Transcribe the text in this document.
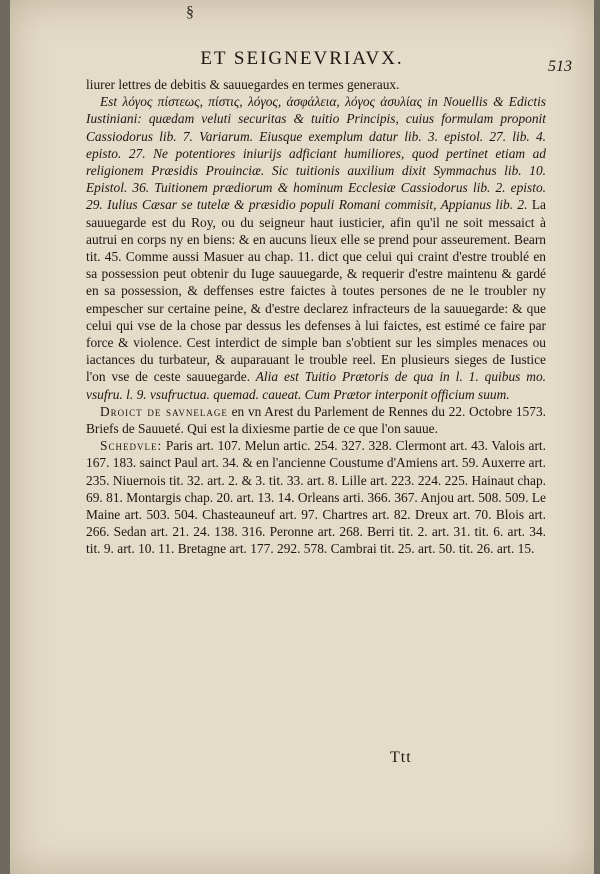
§
ET SEIGNEVRIAVX.	513

liurer lettres de debitis & sauuegardes en termes generaux.

Est λόγος πίστεως, πίστις, λόγος, ἀσφάλεια, λόγος ἀσυλίας in Nouellis & Edictis Iustiniani: quædam veluti securitas & tuitio Principis, cuius formulam proponit Cassiodorus lib. 7. Variarum. Eiusque exemplum datur lib. 3. epistol. 27. lib. 4. episto. 27. Ne potentiores iniurijs adficiant humiliores, quod pertinet etiam ad religionem Præsidis Prouinciæ. Sic tuitionis auxilium dixit Symmachus lib. 10. Epistol. 36. Tuitionem prædiorum & hominum Ecclesiæ Cassiodorus lib. 2. episto. 29. Iulius Cæsar se tutelæ & præsidio populi Romani commisit, Appianus lib. 2. La sauuegarde est du Roy, ou du seigneur haut iusticier, afin qu'il ne soit messaict à autrui en corps ny en biens: & en aucuns lieux elle se prend pour asseurement. Bearn tit. 45. Comme aussi Masuer au chap. 11. dict que celui qui craint d'estre troublé en sa possession peut obtenir du Iuge sauuegarde, & requerir d'estre maintenu & gardé en sa possession, & deffenses estre faictes à toutes persones de ne le troubler ny empescher sur certaine peine, & d'estre declarez infracteurs de la sauuegarde: & que celui qui vse de la chose par dessus les defenses à lui faictes, est estimé ce faire par force & violence. Cest interdict de simple ban s'obtient sur les simples menaces ou iactances du turbateur, & auparauant le trouble reel. En plusieurs sieges de Iustice l'on vse de ceste sauuegarde. Alia est Tuitio Prætoris de qua in l. 1. quibus mo. vsufru. l. 9. vsufructua. quemad. caueat. Cum Prætor interponit officium suum.

Droict de savnelage en vn Arest du Parlement de Rennes du 22. Octobre 1573. Briefs de Sauueté. Qui est la dixiesme partie de ce que l'on sauue.

Schedvle: Paris art. 107. Melun artic. 254. 327. 328. Clermont art. 43. Valois art. 167. 183. sainct Paul art. 34. & en l'ancienne Coustume d'Amiens art. 59. Auxerre art. 235. Niuernois tit. 32. art. 2. & 3. tit. 33. art. 8. Lille art. 223. 224. 225. Hainaut chap. 69. 81. Montargis chap. 20. art. 13. 14. Orleans arti. 366. 367. Anjou art. 508. 509. Le Maine art. 503. 504. Chasteauneuf art. 97. Chartres art. 82. Dreux art. 70. Blois art. 266. Sedan art. 21. 24. 138. 316. Peronne art. 268. Berri tit. 2. art. 31. tit. 6. art. 34. tit. 9. art. 10. 11. Bretagne art. 177. 292. 578. Cambrai tit. 25. art. 50. tit. 26. art. 15.

Ttt
